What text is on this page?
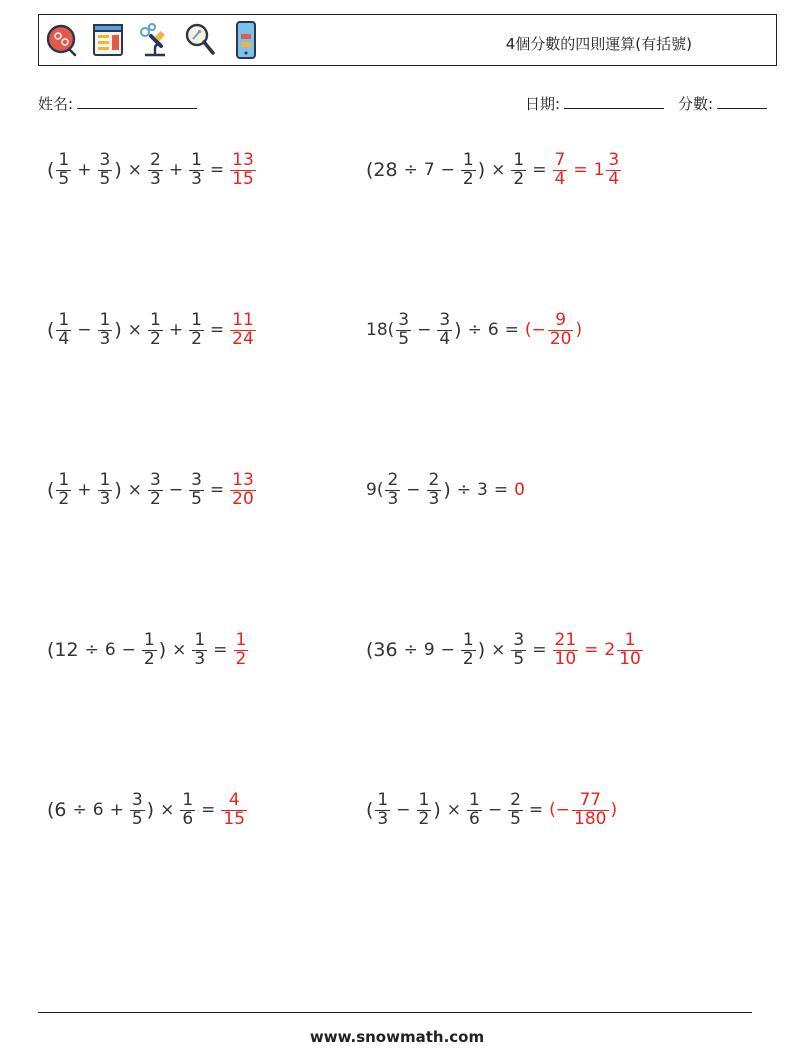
4個分數的四則運算(有括號)
姓名:	日期:	分數:
( $\frac{1}{5} + \frac{3}{5}$ ) × $\frac{2}{3} + \frac{1}{3} = \frac{13}{15}$	($28 \div 7 - \frac{1}{2}$ ) × $\frac{1}{2} = \frac{7}{4} = 1 \frac{3}{4}$
( $\frac{1}{4} - \frac{1}{3}$ ) × $\frac{1}{2} + \frac{1}{2} = \frac{11}{24}$	$18( \frac{3}{5} - \frac{3}{4}$ ) ÷ 6 = (− $\frac{9}{20}$ )
( $\frac{1}{2} + \frac{1}{3}$ ) × $\frac{3}{2} - \frac{3}{5} = \frac{13}{20}$	$9( \frac{2}{3} - \frac{2}{3}$ ) ÷ 3 = 0
($12 \div 6 - \frac{1}{2}$ ) × $\frac{1}{3} = \frac{1}{2}$	($36 \div 9 - \frac{1}{2}$ ) × $\frac{3}{5} = \frac{21}{10} = 2 \frac{1}{10}$
($6 \div 6 + \frac{3}{5}$ ) × $\frac{1}{6} = \frac{4}{15}$	( $\frac{1}{3} - \frac{1}{2}$ ) × $\frac{1}{6} - \frac{2}{5}$ = (− $\frac{77}{180}$ )
www.snowmath.com
